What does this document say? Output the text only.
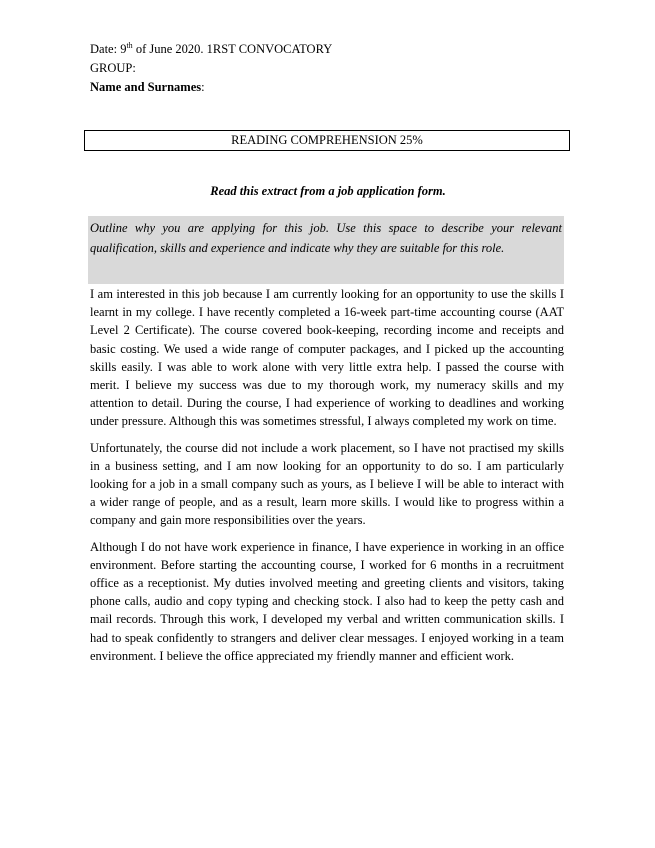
Date: 9th of June 2020. 1RST CONVOCATORY
GROUP:
Name and Surnames:
READING COMPREHENSION 25%
Read this extract from a job application form.
Outline why you are applying for this job. Use this space to describe your relevant qualification, skills and experience and indicate why they are suitable for this role.

I am interested in this job because I am currently looking for an opportunity to use the skills I learnt in my college. I have recently completed a 16-week part-time accounting course (AAT Level 2 Certificate). The course covered book-keeping, recording income and receipts and basic costing. We used a wide range of computer packages, and I picked up the accounting skills easily. I was able to work alone with very little extra help. I passed the course with merit. I believe my success was due to my thorough work, my numeracy skills and my attention to detail. During the course, I had experience of working to deadlines and working under pressure. Although this was sometimes stressful, I always completed my work on time.

Unfortunately, the course did not include a work placement, so I have not practised my skills in a business setting, and I am now looking for an opportunity to do so. I am particularly looking for a job in a small company such as yours, as I believe I will be able to interact with a wider range of people, and as a result, learn more skills. I would like to progress within a company and gain more responsibilities over the years.

Although I do not have work experience in finance, I have experience in working in an office environment. Before starting the accounting course, I worked for 6 months in a recruitment office as a receptionist. My duties involved meeting and greeting clients and visitors, taking phone calls, audio and copy typing and checking stock. I also had to keep the petty cash and mail records. Through this work, I developed my verbal and written communication skills. I had to speak confidently to strangers and deliver clear messages. I enjoyed working in a team environment. I believe the office appreciated my friendly manner and efficient work.
